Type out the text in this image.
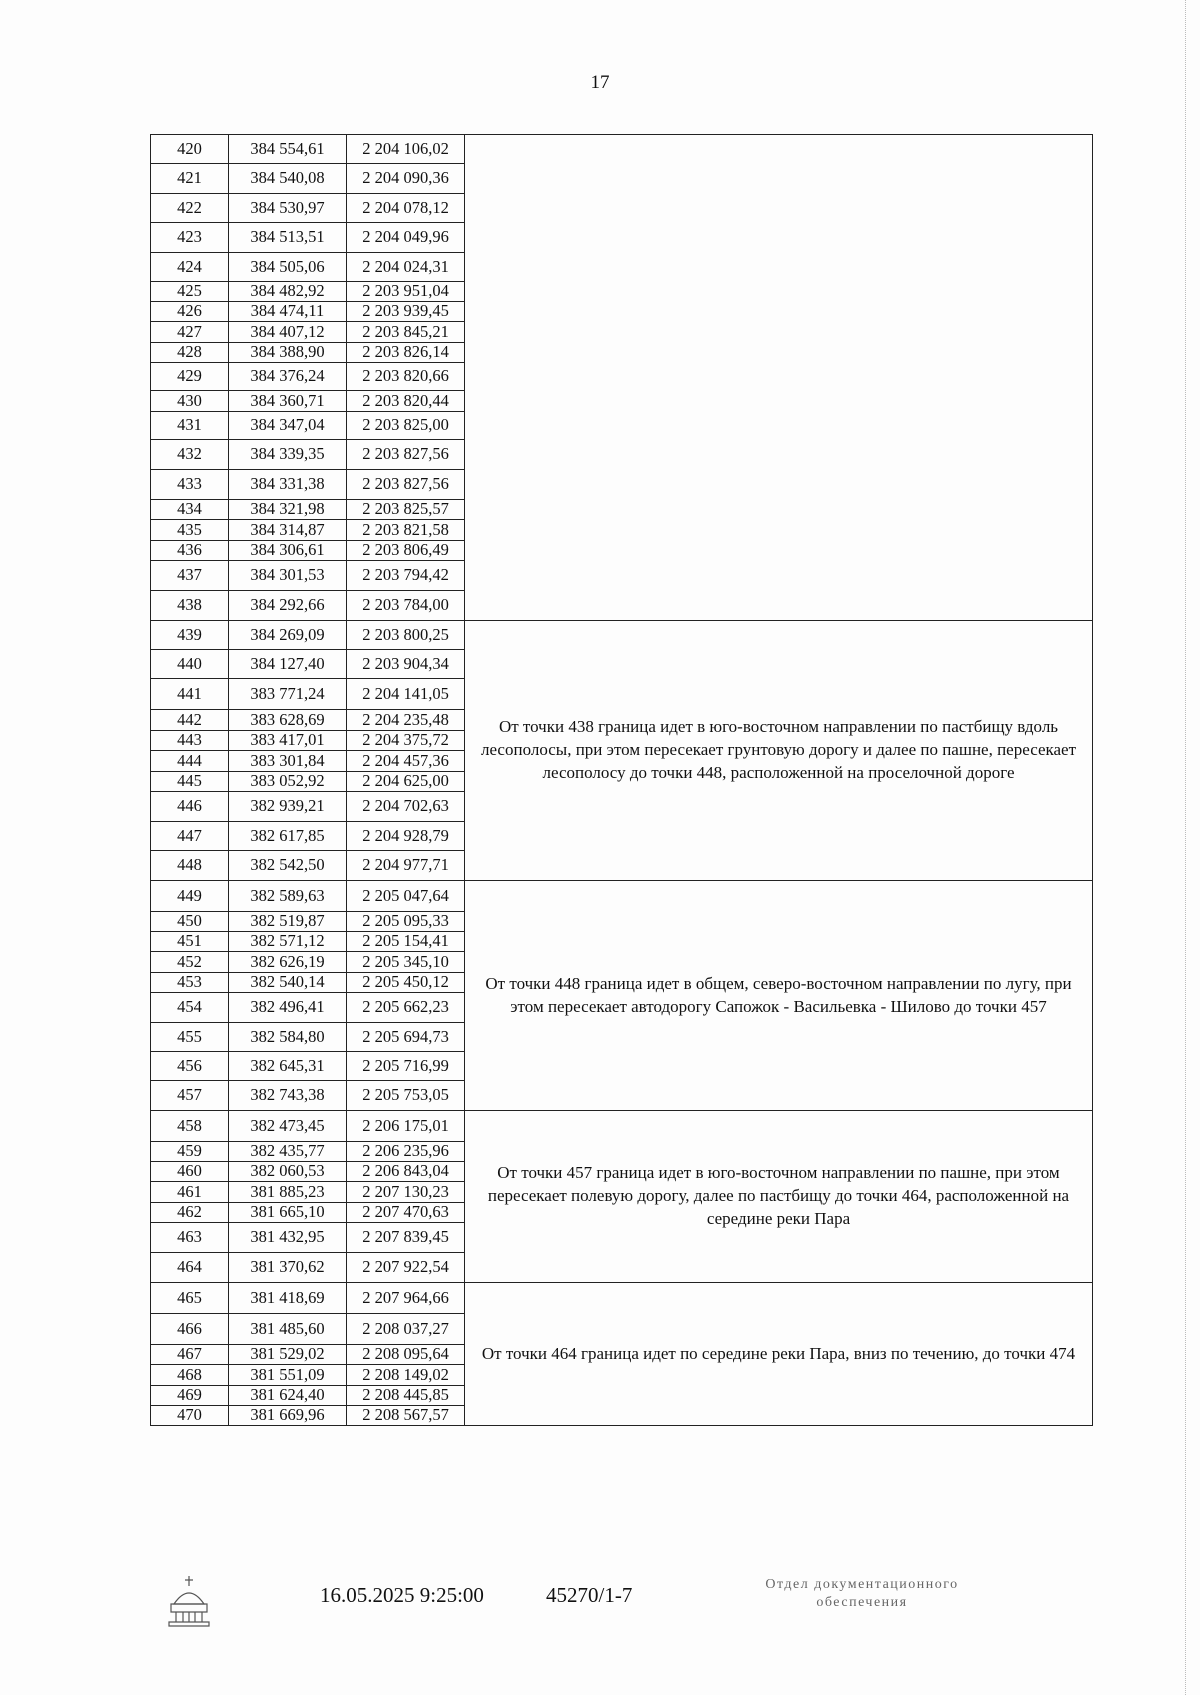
17
420	384 554,61	2 204 106,02	
421	384 540,08	2 204 090,36	
422	384 530,97	2 204 078,12	
423	384 513,51	2 204 049,96	
424	384 505,06	2 204 024,31	
425	384 482,92	2 203 951,04	
426	384 474,11	2 203 939,45	
427	384 407,12	2 203 845,21	
428	384 388,90	2 203 826,14	
429	384 376,24	2 203 820,66	
430	384 360,71	2 203 820,44	
431	384 347,04	2 203 825,00	
432	384 339,35	2 203 827,56	
433	384 331,38	2 203 827,56	
434	384 321,98	2 203 825,57	
435	384 314,87	2 203 821,58	
436	384 306,61	2 203 806,49	
437	384 301,53	2 203 794,42	
438	384 292,66	2 203 784,00	
439	384 269,09	2 203 800,25	От точки 438 граница идет в юго-восточном направлении по пастбищу вдоль лесополосы, при этом пересекает грунтовую дорогу и далее по пашне, пересекает лесополосу до точки 448, расположенной на проселочной дороге
440	384 127,40	2 203 904,34	
441	383 771,24	2 204 141,05	
442	383 628,69	2 204 235,48	
443	383 417,01	2 204 375,72	
444	383 301,84	2 204 457,36	
445	383 052,92	2 204 625,00	
446	382 939,21	2 204 702,63	
447	382 617,85	2 204 928,79	
448	382 542,50	2 204 977,71	
449	382 589,63	2 205 047,64	От точки 448 граница идет в общем, северо-восточном направлении по лугу, при этом пересекает автодорогу Сапожок - Васильевка - Шилово до точки 457
450	382 519,87	2 205 095,33	
451	382 571,12	2 205 154,41	
452	382 626,19	2 205 345,10	
453	382 540,14	2 205 450,12	
454	382 496,41	2 205 662,23	
455	382 584,80	2 205 694,73	
456	382 645,31	2 205 716,99	
457	382 743,38	2 205 753,05	
458	382 473,45	2 206 175,01	От точки 457 граница идет в юго-восточном направлении по пашне, при этом пересекает полевую дорогу, далее по пастбищу до точки 464, расположенной на середине реки Пара
459	382 435,77	2 206 235,96	
460	382 060,53	2 206 843,04	
461	381 885,23	2 207 130,23	
462	381 665,10	2 207 470,63	
463	381 432,95	2 207 839,45	
464	381 370,62	2 207 922,54	
465	381 418,69	2 207 964,66	От точки 464 граница идет по середине реки Пара, вниз по течению, до точки 474
466	381 485,60	2 208 037,27	
467	381 529,02	2 208 095,64	
468	381 551,09	2 208 149,02	
469	381 624,40	2 208 445,85	
470	381 669,96	2 208 567,57	
16.05.2025 9:25:00	45270/1-7	Отдел документационного
обеспечения
